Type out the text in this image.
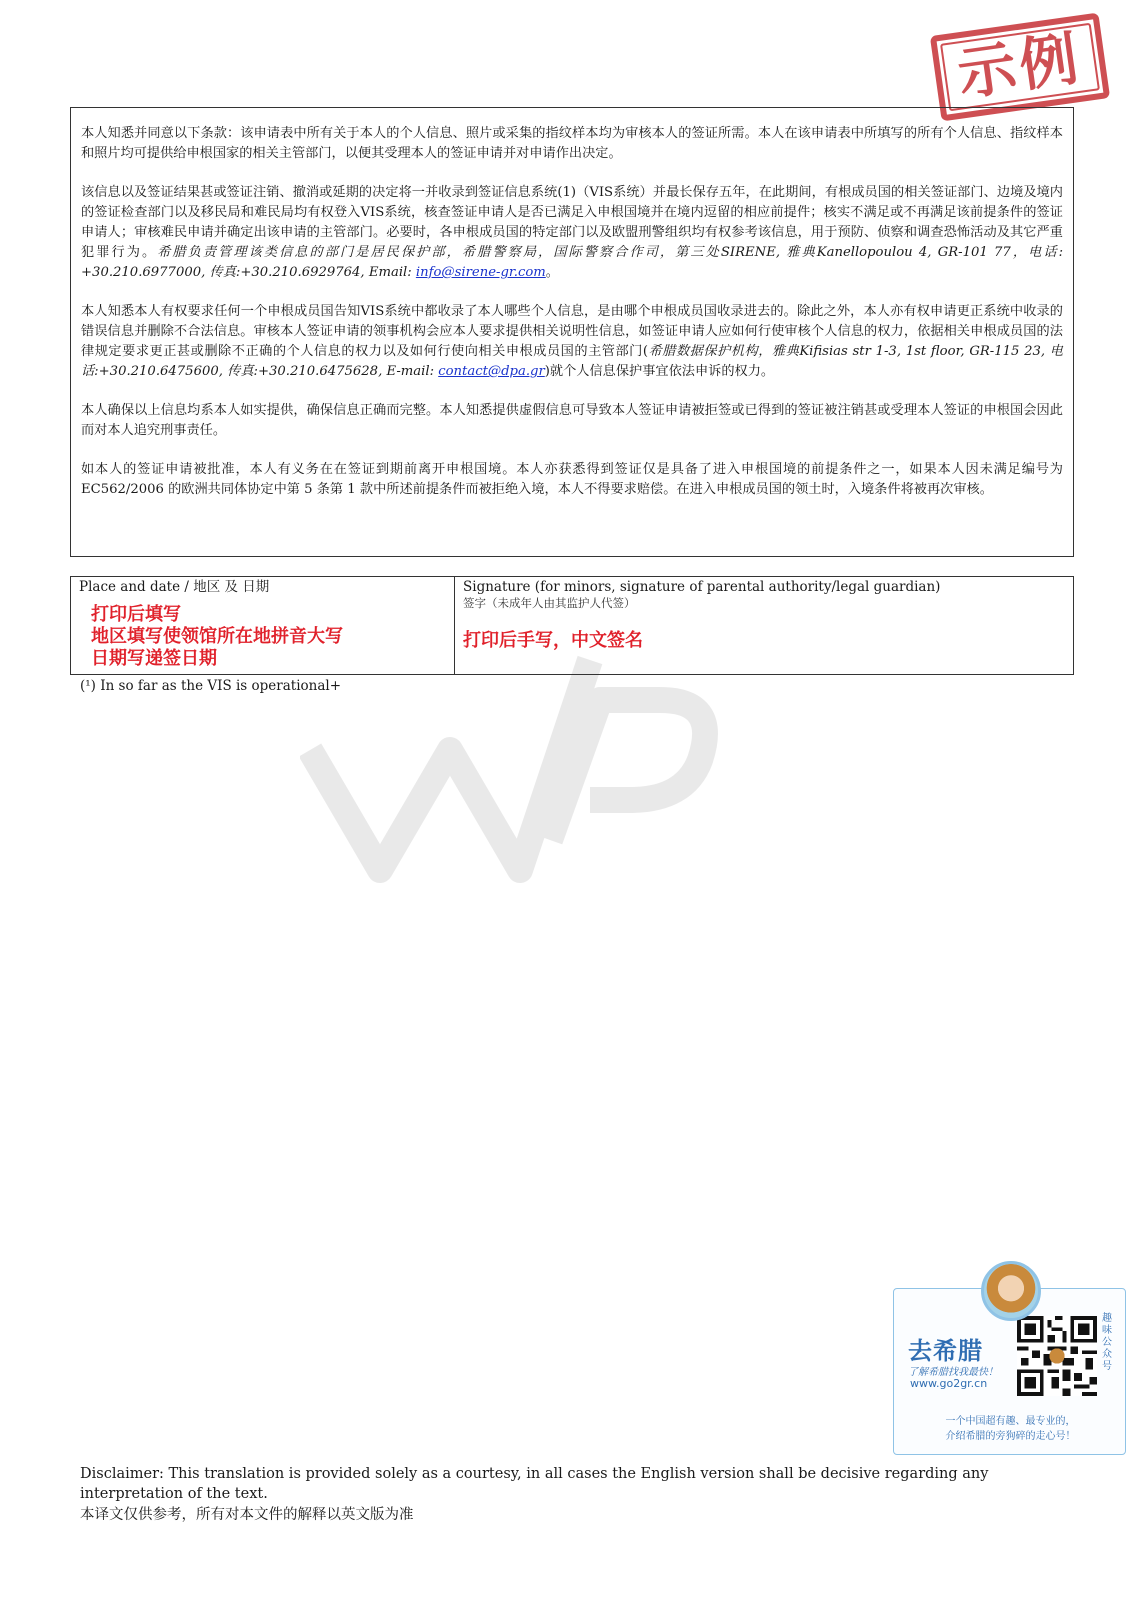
示例

本人知悉并同意以下条款：该申请表中所有关于本人的个人信息、照片或采集的指纹样本均为审核本人的签证所需。本人在该申请表中所填写的所有个人信息、指纹样本和照片均可提供给申根国家的相关主管部门，以便其受理本人的签证申请并对申请作出决定。

该信息以及签证结果甚或签证注销、撤消或延期的决定将一并收录到签证信息系统(1)（VIS系统）并最长保存五年，在此期间，有根成员国的相关签证部门、边境及境内的签证检查部门以及移民局和难民局均有权登入VIS系统，核查签证申请人是否已满足入申根国境并在境内逗留的相应前提件；核实不满足或不再满足该前提条件的签证申请人；审核难民申请并确定出该申请的主管部门。必要时，各申根成员国的特定部门以及欧盟刑警组织均有权参考该信息，用于预防、侦察和调查恐怖活动及其它严重犯罪行为。希腊负责管理该类信息的部门是居民保护部，希腊警察局，国际警察合作司，第三处SIRENE, 雅典Kanellopoulou 4, GR-101 77，电话: +30.210.6977000, 传真:+30.210.6929764, Email: info@sirene-gr.com。

本人知悉本人有权要求任何一个申根成员国告知VIS系统中都收录了本人哪些个人信息，是由哪个申根成员国收录进去的。除此之外，本人亦有权申请更正系统中收录的错误信息并删除不合法信息。审核本人签证申请的领事机构会应本人要求提供相关说明性信息，如签证申请人应如何行使审核个人信息的权力，依据相关申根成员国的法律规定要求更正甚或删除不正确的个人信息的权力以及如何行使向相关申根成员国的主管部门(希腊数据保护机构，雅典Kifisias str 1-3, 1st floor, GR-115 23, 电话:+30.210.6475600, 传真:+30.210.6475628, E-mail: contact@dpa.gr)就个人信息保护事宜依法申诉的权力。

本人确保以上信息均系本人如实提供，确保信息正确而完整。本人知悉提供虚假信息可导致本人签证申请被拒签或已得到的签证被注销甚或受理本人签证的申根国会因此而对本人追究刑事责任。

如本人的签证申请被批准，本人有义务在在签证到期前离开申根国境。本人亦获悉得到签证仅是具备了进入申根国境的前提条件之一，如果本人因未满足编号为 EC562/2006 的欧洲共同体协定中第 5 条第 1 款中所述前提条件而被拒绝入境，本人不得要求赔偿。在进入申根成员国的领土时，入境条件将被再次审核。

Place and date / 地区 及 日期
打印后填写
地区填写使领馆所在地拼音大写
日期写递签日期
Signature (for minors, signature of parental authority/legal guardian)
签字（未成年人由其监护人代签）
打印后手写，中文签名
(¹) In so far as the VIS is operational+
去希腊
了解希腊找我最快！
www.go2gr.cn
趣
味
公
众
号
一个中国超有趣、最专业的，
介绍希腊的旁狗碎的走心号！
Disclaimer: This translation is provided solely as a courtesy, in all cases the English version shall be decisive regarding any interpretation of the text.
本译文仅供参考，所有对本文件的解释以英文版为准
